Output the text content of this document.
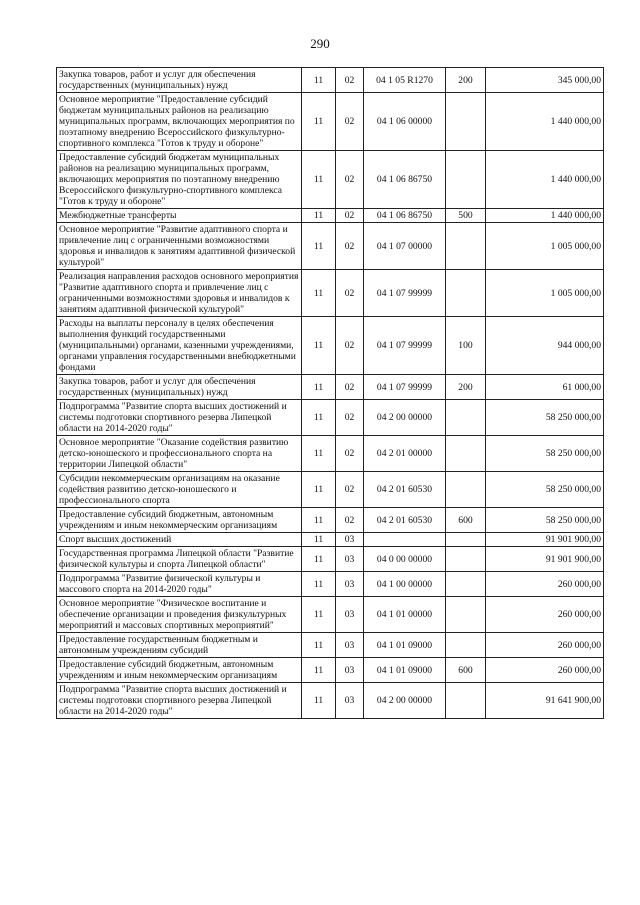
290
Закупка товаров, работ и услуг для обеспечения государственных (муниципальных) нужд	11	02	04 1 05 R1270	200	345 000,00
Основное мероприятие "Предоставление субсидий бюджетам муниципальных районов на реализацию муниципальных программ, включающих мероприятия по поэтапному внедрению Всероссийского физкультурно-спортивного комплекса "Готов к труду и обороне"	11	02	04 1 06 00000		1 440 000,00
Предоставление субсидий бюджетам муниципальных районов на реализацию муниципальных программ, включающих мероприятия по поэтапному внедрению Всероссийского физкультурно-спортивного комплекса "Готов к труду и обороне"	11	02	04 1 06 86750		1 440 000,00
Межбюджетные трансферты	11	02	04 1 06 86750	500	1 440 000,00
Основное мероприятие "Развитие адаптивного спорта и привлечение лиц с ограниченными возможностями здоровья и инвалидов к занятиям адаптивной физической культурой"	11	02	04 1 07 00000		1 005 000,00
Реализация направления расходов основного мероприятия "Развитие адаптивного спорта и привлечение лиц с ограниченными возможностями здоровья и инвалидов к занятиям адаптивной физической культурой"	11	02	04 1 07 99999		1 005 000,00
Расходы на выплаты персоналу в целях обеспечения выполнения функций государственными (муниципальными) органами, казенными учреждениями, органами управления государственными внебюджетными фондами	11	02	04 1 07 99999	100	944 000,00
Закупка товаров, работ и услуг для обеспечения государственных (муниципальных) нужд	11	02	04 1 07 99999	200	61 000,00
Подпрограмма "Развитие спорта высших достижений и системы подготовки спортивного резерва Липецкой области на 2014-2020 годы"	11	02	04 2 00 00000		58 250 000,00
Основное мероприятие "Оказание содействия развитию детско-юношеского и профессионального спорта на территории Липецкой области"	11	02	04 2 01 00000		58 250 000,00
Субсидии некоммерческим организациям на оказание содействия развитию детско-юношеского и профессионального спорта	11	02	04 2 01 60530		58 250 000,00
Предоставление субсидий бюджетным, автономным учреждениям и иным некоммерческим организациям	11	02	04 2 01 60530	600	58 250 000,00
Спорт высших достижений	11	03			91 901 900,00
Государственная программа Липецкой области "Развитие физической культуры и спорта Липецкой области"	11	03	04 0 00 00000		91 901 900,00
Подпрограмма "Развитие физической культуры и массового спорта на 2014-2020 годы"	11	03	04 1 00 00000		260 000,00
Основное мероприятие "Физическое воспитание и обеспечение организации и проведения физкультурных мероприятий и массовых спортивных мероприятий"	11	03	04 1 01 00000		260 000,00
Предоставление государственным бюджетным и автономным учреждениям субсидий	11	03	04 1 01 09000		260 000,00
Предоставление субсидий бюджетным, автономным учреждениям и иным некоммерческим организациям	11	03	04 1 01 09000	600	260 000,00
Подпрограмма "Развитие спорта высших достижений и системы подготовки спортивного резерва Липецкой области на 2014-2020 годы"	11	03	04 2 00 00000		91 641 900,00
